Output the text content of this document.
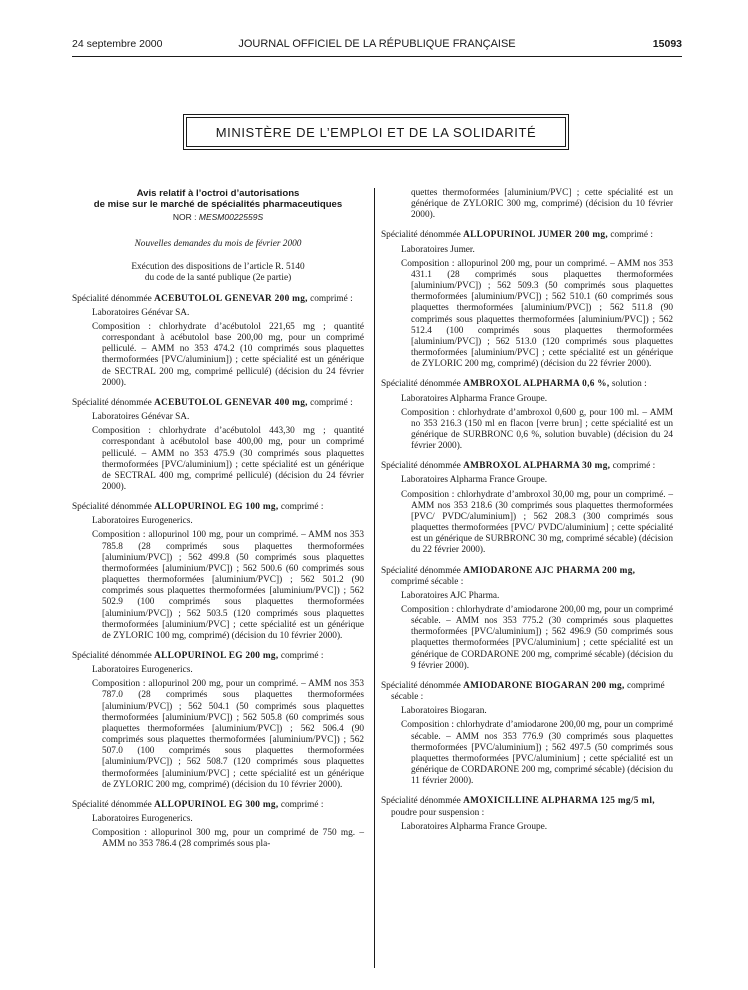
24 septembre 2000	JOURNAL OFFICIEL DE LA RÉPUBLIQUE FRANÇAISE	15093
MINISTÈRE DE L’EMPLOI ET DE LA SOLIDARITÉ

Avis relatif à l’octroi d’autorisations

de mise sur le marché de spécialités pharmaceutiques

NOR : MESM0022559S

Nouvelles demandes du mois de février 2000

Exécution des dispositions de l’article R. 5140

du code de la santé publique (2e partie)

Spécialité dénommée ACEBUTOLOL GENEVAR 200 mg, comprimé :

Laboratoires Génévar SA.

Composition : chlorhydrate d’acébutolol 221,65 mg ; quantité correspondant à acébutolol base 200,00 mg, pour un comprimé pelliculé. – AMM no 353 474.2 (10 comprimés sous plaquettes thermoformées [PVC/aluminium]) ; cette spécialité est un générique de SECTRAL 200 mg, comprimé pelliculé) (décision du 24 février 2000).

Spécialité dénommée ACEBUTOLOL GENEVAR 400 mg, comprimé :

Laboratoires Génévar SA.

Composition : chlorhydrate d’acébutolol 443,30 mg ; quantité correspondant à acébutolol base 400,00 mg, pour un comprimé pelliculé. – AMM no 353 475.9 (30 comprimés sous plaquettes thermoformées [PVC/aluminium]) ; cette spécialité est un générique de SECTRAL 400 mg, comprimé pelliculé) (décision du 24 février 2000).

Spécialité dénommée ALLOPURINOL EG 100 mg, comprimé :

Laboratoires Eurogenerics.

Composition : allopurinol 100 mg, pour un comprimé. – AMM nos 353 785.8 (28 comprimés sous plaquettes thermoformées [aluminium/PVC]) ; 562 499.8 (50 comprimés sous plaquettes thermoformées [aluminium/PVC]) ; 562 500.6 (60 comprimés sous plaquettes thermoformées [aluminium/PVC]) ; 562 501.2 (90 comprimés sous plaquettes thermoformées [aluminium/PVC]) ; 562 502.9 (100 comprimés sous plaquettes thermoformées [aluminium/PVC]) ; 562 503.5 (120 comprimés sous plaquettes thermoformées [aluminium/PVC] ; cette spécialité est un générique de ZYLORIC 100 mg, comprimé) (décision du 10 février 2000).

Spécialité dénommée ALLOPURINOL EG 200 mg, comprimé :

Laboratoires Eurogenerics.

Composition : allopurinol 200 mg, pour un comprimé. – AMM nos 353 787.0 (28 comprimés sous plaquettes thermoformées [aluminium/PVC]) ; 562 504.1 (50 comprimés sous plaquettes thermoformées [aluminium/PVC]) ; 562 505.8 (60 comprimés sous plaquettes thermoformées [aluminium/PVC]) ; 562 506.4 (90 comprimés sous plaquettes thermoformées [aluminium/PVC]) ; 562 507.0 (100 comprimés sous plaquettes thermoformées [aluminium/PVC]) ; 562 508.7 (120 comprimés sous plaquettes thermoformées [aluminium/PVC] ; cette spécialité est un générique de ZYLORIC 200 mg, comprimé) (décision du 10 février 2000).

Spécialité dénommée ALLOPURINOL EG 300 mg, comprimé :

Laboratoires Eurogenerics.

Composition : allopurinol 300 mg, pour un comprimé de 750 mg. – AMM no 353 786.4 (28 comprimés sous pla-

quettes thermoformées [aluminium/PVC] ; cette spécialité est un générique de ZYLORIC 300 mg, comprimé) (décision du 10 février 2000).

Spécialité dénommée ALLOPURINOL JUMER 200 mg, comprimé :

Laboratoires Jumer.

Composition : allopurinol 200 mg, pour un comprimé. – AMM nos 353 431.1 (28 comprimés sous plaquettes thermoformées [aluminium/PVC]) ; 562 509.3 (50 comprimés sous plaquettes thermoformées [aluminium/PVC]) ; 562 510.1 (60 comprimés sous plaquettes thermoformées [aluminium/PVC]) ; 562 511.8 (90 comprimés sous plaquettes thermoformées [aluminium/PVC]) ; 562 512.4 (100 comprimés sous plaquettes thermoformées [aluminium/PVC]) ; 562 513.0 (120 comprimés sous plaquettes thermoformées [aluminium/PVC] ; cette spécialité est un générique de ZYLORIC 200 mg, comprimé) (décision du 22 février 2000).

Spécialité dénommée AMBROXOL ALPHARMA 0,6 %, solution :

Laboratoires Alpharma France Groupe.

Composition : chlorhydrate d’ambroxol 0,600 g, pour 100 ml. – AMM no 353 216.3 (150 ml en flacon [verre brun] ; cette spécialité est un générique de SURBRONC 0,6 %, solution buvable) (décision du 24 février 2000).

Spécialité dénommée AMBROXOL ALPHARMA 30 mg, comprimé :

Laboratoires Alpharma France Groupe.

Composition : chlorhydrate d’ambroxol 30,00 mg, pour un comprimé. – AMM nos 353 218.6 (30 comprimés sous plaquettes thermoformées [PVC/ PVDC/aluminium]) ; 562 208.3 (300 comprimés sous plaquettes thermoformées [PVC/ PVDC/aluminium] ; cette spécialité est un générique de SURBRONC 30 mg, comprimé sécable) (décision du 22 février 2000).

Spécialité dénommée AMIODARONE AJC PHARMA 200 mg, comprimé sécable :

Laboratoires AJC Pharma.

Composition : chlorhydrate d’amiodarone 200,00 mg, pour un comprimé sécable. – AMM nos 353 775.2 (30 comprimés sous plaquettes thermoformées [PVC/aluminium]) ; 562 496.9 (50 comprimés sous plaquettes thermoformées [PVC/aluminium] ; cette spécialité est un générique de CORDARONE 200 mg, comprimé sécable) (décision du 9 février 2000).

Spécialité dénommée AMIODARONE BIOGARAN 200 mg, comprimé sécable :

Laboratoires Biogaran.

Composition : chlorhydrate d’amiodarone 200,00 mg, pour un comprimé sécable. – AMM nos 353 776.9 (30 comprimés sous plaquettes thermoformées [PVC/aluminium]) ; 562 497.5 (50 comprimés sous plaquettes thermoformées [PVC/aluminium] ; cette spécialité est un générique de CORDARONE 200 mg, comprimé sécable) (décision du 11 février 2000).

Spécialité dénommée AMOXICILLINE ALPHARMA 125 mg/5 ml, poudre pour suspension :

Laboratoires Alpharma France Groupe.
